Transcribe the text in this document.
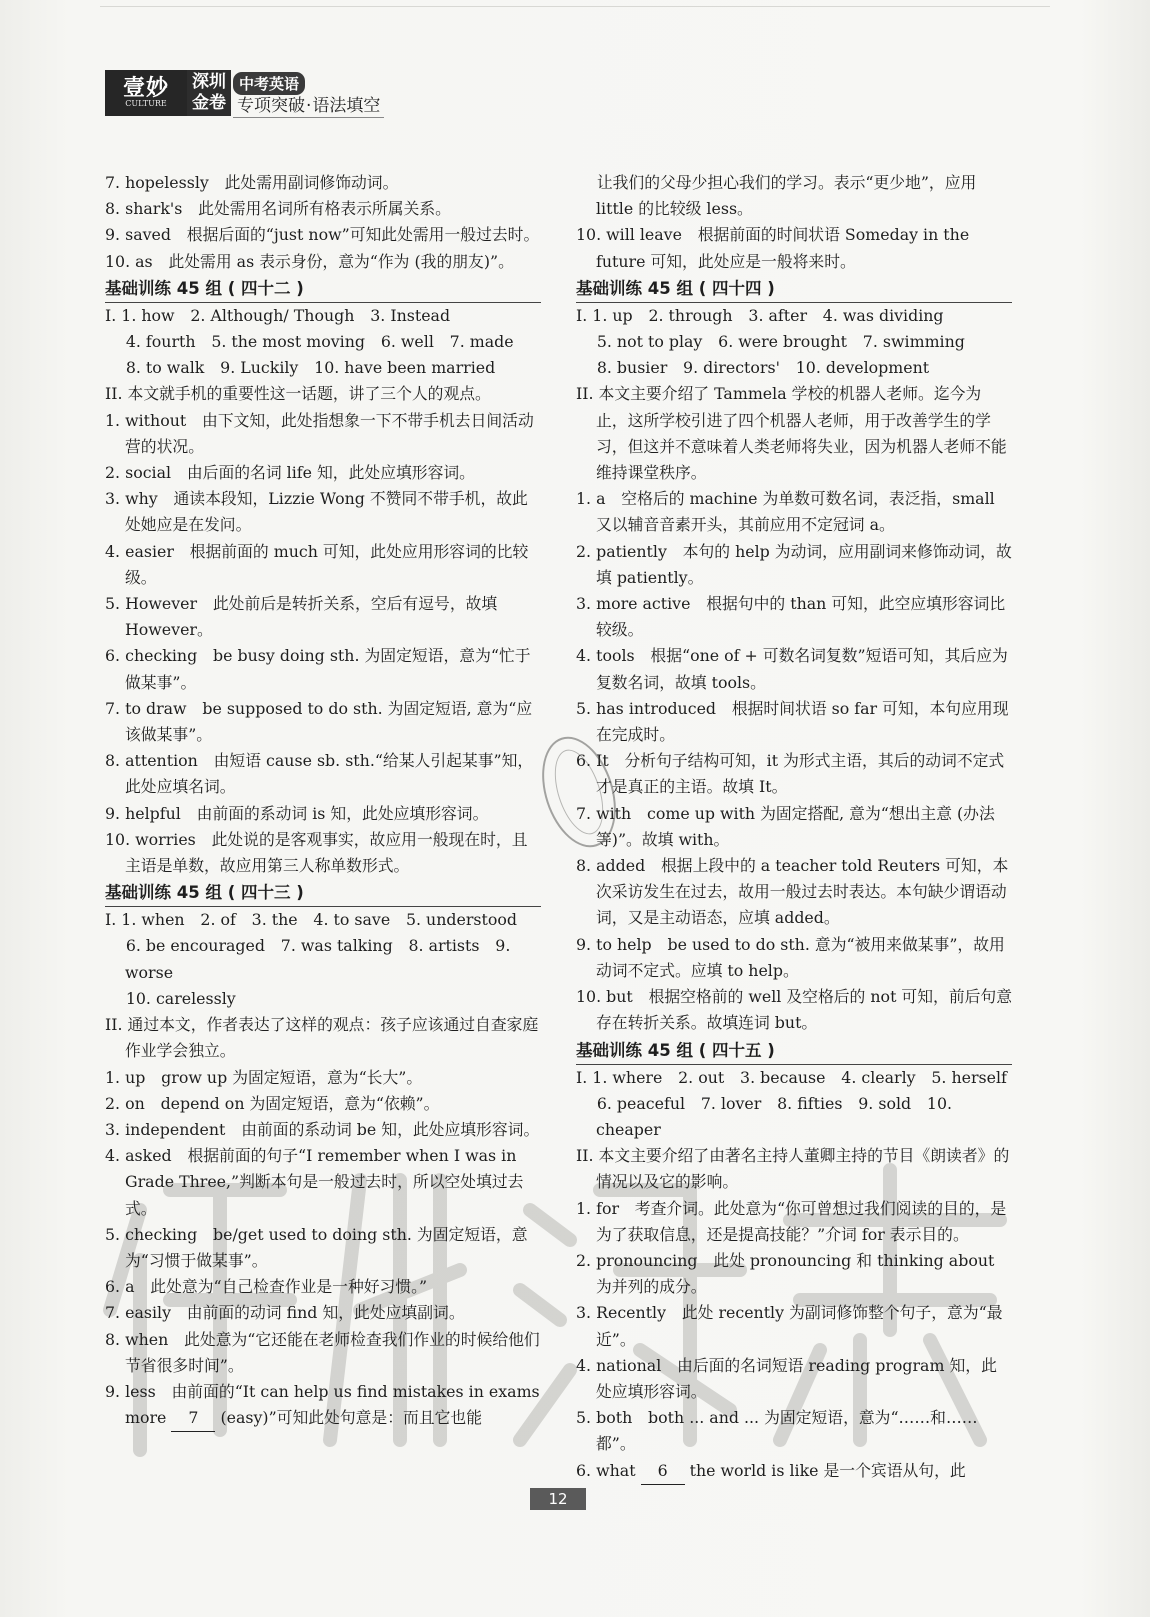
壹妙
CULTURE
深圳
金卷
中考英语
专项突破·语法填空

7. hopelessly　此处需用副词修饰动词。

8. shark's　此处需用名词所有格表示所属关系。

9. saved　根据后面的“just now”可知此处需用一般过去时。

10. as　此处需用 as 表示身份，意为“作为 (我的朋友)”。

基础训练 45 组 ( 四十二 )

I. 1. how　2. Although/ Though　3. Instead

　 4. fourth　5. the most moving　6. well　7. made

　 8. to walk　9. Luckily　10. have been married

II. 本文就手机的重要性这一话题，讲了三个人的观点。

1. without　由下文知，此处指想象一下不带手机去日间活动营的状况。

2. social　由后面的名词 life 知，此处应填形容词。

3. why　通读本段知，Lizzie Wong 不赞同不带手机，故此处她应是在发问。

4. easier　根据前面的 much 可知，此处应用形容词的比较级。

5. However　此处前后是转折关系，空后有逗号，故填 However。

6. checking　be busy doing sth. 为固定短语，意为“忙于做某事”。

7. to draw　be supposed to do sth. 为固定短语, 意为“应该做某事”。

8. attention　由短语 cause sb. sth.“给某人引起某事”知，此处应填名词。

9. helpful　由前面的系动词 is 知，此处应填形容词。

10. worries　此处说的是客观事实，故应用一般现在时，且主语是单数，故应用第三人称单数形式。

基础训练 45 组 ( 四十三 )

I. 1. when　2. of　3. the　4. to save　5. understood

　 6. be encouraged　7. was talking　8. artists　9. worse

　 10. carelessly

II. 通过本文，作者表达了这样的观点：孩子应该通过自查家庭作业学会独立。

1. up　grow up 为固定短语，意为“长大”。

2. on　depend on 为固定短语，意为“依赖”。

3. independent　由前面的系动词 be 知，此处应填形容词。

4. asked　根据前面的句子“I remember when I was in Grade Three,”判断本句是一般过去时，所以空处填过去式。

5. checking　be/get used to doing sth. 为固定短语，意为“习惯于做某事”。

6. a　此处意为“自己检查作业是一种好习惯。”

7. easily　由前面的动词 find 知，此处应填副词。

8. when　此处意为“它还能在老师检查我们作业的时候给他们节省很多时间”。

9. less　由前面的“It can help us find mistakes in exams more 7 (easy)”可知此处句意是：而且它也能

　 让我们的父母少担心我们的学习。表示“更少地”，应用 little 的比较级 less。

10. will leave　根据前面的时间状语 Someday in the future 可知，此处应是一般将来时。

基础训练 45 组 ( 四十四 )

I. 1. up　2. through　3. after　4. was dividing

　 5. not to play　6. were brought　7. swimming

　 8. busier　9. directors'　10. development

II. 本文主要介绍了 Tammela 学校的机器人老师。迄今为止，这所学校引进了四个机器人老师，用于改善学生的学习，但这并不意味着人类老师将失业，因为机器人老师不能维持课堂秩序。

1. a　空格后的 machine 为单数可数名词，表泛指，small 又以辅音音素开头，其前应用不定冠词 a。

2. patiently　本句的 help 为动词，应用副词来修饰动词，故填 patiently。

3. more active　根据句中的 than 可知，此空应填形容词比较级。

4. tools　根据“one of + 可数名词复数”短语可知，其后应为复数名词，故填 tools。

5. has introduced　根据时间状语 so far 可知，本句应用现在完成时。

6. It　分析句子结构可知，it 为形式主语，其后的动词不定式才是真正的主语。故填 It。

7. with　come up with 为固定搭配, 意为“想出主意 (办法等)”。故填 with。

8. added　根据上段中的 a teacher told Reuters 可知，本次采访发生在过去，故用一般过去时表达。本句缺少谓语动词，又是主动语态，应填 added。

9. to help　be used to do sth. 意为“被用来做某事”，故用动词不定式。应填 to help。

10. but　根据空格前的 well 及空格后的 not 可知，前后句意存在转折关系。故填连词 but。

基础训练 45 组 ( 四十五 )

I. 1. where　2. out　3. because　4. clearly　5. herself

　 6. peaceful　7. lover　8. fifties　9. sold　10. cheaper

II. 本文主要介绍了由著名主持人董卿主持的节目《朗读者》的情况以及它的影响。

1. for　考查介词。此处意为“你可曾想过我们阅读的目的，是为了获取信息，还是提高技能？”介词 for 表示目的。

2. pronouncing　此处 pronouncing 和 thinking about 为并列的成分。

3. Recently　此处 recently 为副词修饰整个句子，意为“最近”。

4. national　由后面的名词短语 reading program 知，此处应填形容词。

5. both　both ... and ... 为固定短语，意为“……和……都”。

6. what 6 the world is like 是一个宾语从句，此

12
